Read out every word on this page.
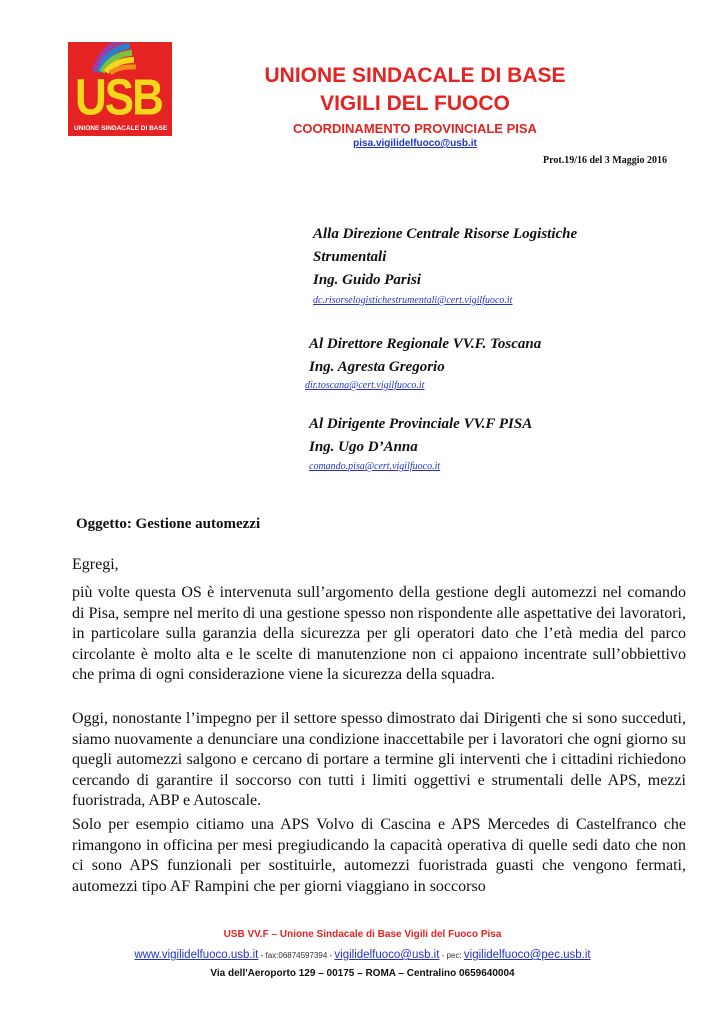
USB
UNIONE SINDACALE DI BASE
UNIONE SINDACALE DI BASE
VIGILI DEL FUOCO
COORDINAMENTO PROVINCIALE PISA
pisa.vigilidelfuoco@usb.it
Prot.19/16 del 3 Maggio 2016
Alla Direzione Centrale Risorse Logistiche
Strumentali
Ing. Guido Parisi
dc.risorselogistichestrumentali@cert.vigilfuoco.it
Al Direttore Regionale VV.F. Toscana
Ing. Agresta Gregorio
dir.toscana@cert.vigilfuoco.it
Al Dirigente Provinciale VV.F PISA
Ing. Ugo D’Anna
comando.pisa@cert.vigilfuoco.it
Oggetto: Gestione automezzi
Egregi,
più volte questa OS è intervenuta sull’argomento della gestione degli automezzi nel comando di Pisa, sempre nel merito di una gestione spesso non rispondente alle aspettative dei lavoratori, in particolare sulla garanzia della sicurezza per gli operatori dato che l’età media del parco circolante è molto alta e le scelte di manutenzione non ci appaiono incentrate sull’obbiettivo che prima di ogni considerazione viene la sicurezza della squadra.
Oggi, nonostante l’impegno per il settore spesso dimostrato dai Dirigenti che si sono succeduti, siamo nuovamente a denunciare una condizione inaccettabile per i lavoratori che ogni giorno su quegli automezzi salgono e cercano di portare a termine gli interventi che i cittadini richiedono cercando di garantire il soccorso con tutti i limiti oggettivi e strumentali delle APS, mezzi fuoristrada, ABP e Autoscale.
Solo per esempio citiamo una APS Volvo di Cascina e APS Mercedes di Castelfranco che rimangono in officina per mesi pregiudicando la capacità operativa di quelle sedi dato che non ci sono APS funzionali per sostituirle, automezzi fuoristrada guasti che vengono fermati, automezzi tipo AF Rampini che per giorni viaggiano in soccorso
USB VV.F – Unione Sindacale di Base Vigili del Fuoco Pisa
www.vigilidelfuoco.usb.it - fax:06874597394 - vigilidelfuoco@usb.it - pec: vigilidelfuoco@pec.usb.it
Via dell'Aeroporto 129 – 00175 – ROMA – Centralino 0659640004
